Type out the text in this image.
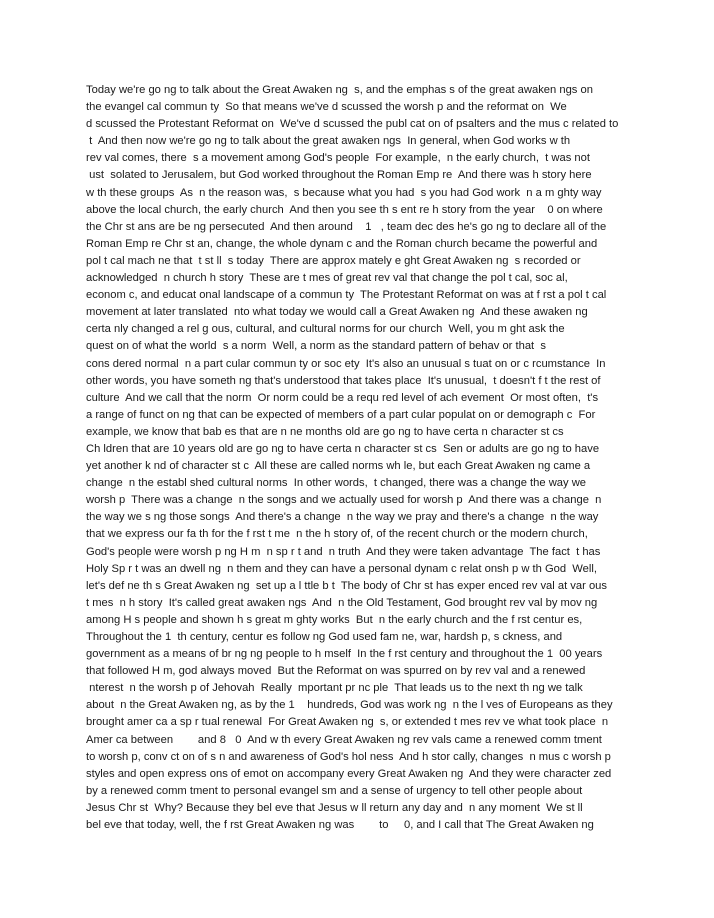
Today we're go ng to talk about the Great Awaken ng  s, and the emphas s of the great awaken ngs on
the evangel cal commun ty  So that means we've d scussed the worsh p and the reformat on  We
d scussed the Protestant Reformat on  We've d scussed the publ cat on of psalters and the mus c related to
t  And then now we're go ng to talk about the great awaken ngs  In general, when God works w th
rev val comes, there  s a movement among God's people  For example,  n the early church,  t was not
ust  solated to Jerusalem, but God worked throughout the Roman Emp re  And there was h story here
w th these groups  As  n the reason was,  s because what you had  s you had God work  n a m ghty way
above the local church, the early church  And then you see th s ent re h story from the year    0 on where
the Chr st ans are be ng persecuted  And then around    1   , team dec des he's go ng to declare all of the
Roman Emp re Chr st an, change, the whole dynam c and the Roman church became the powerful and
pol t cal mach ne that  t st ll  s today  There are approx mately e ght Great Awaken ng  s recorded or
acknowledged  n church h story  These are t mes of great rev val that change the pol t cal, soc al,
econom c, and educat onal landscape of a commun ty  The Protestant Reformat on was at f rst a pol t cal
movement at later translated  nto what today we would call a Great Awaken ng  And these awaken ng
certa nly changed a rel g ous, cultural, and cultural norms for our church  Well, you m ght ask the
quest on of what the world  s a norm  Well, a norm as the standard pattern of behav or that  s
cons dered normal  n a part cular commun ty or soc ety  It's also an unusual s tuat on or c rcumstance  In
other words, you have someth ng that's understood that takes place  It's unusual,  t doesn't f t the rest of
culture  And we call that the norm  Or norm could be a requ red level of ach evement  Or most often,  t's
a range of funct on ng that can be expected of members of a part cular populat on or demograph c  For
example, we know that bab es that are n ne months old are go ng to have certa n character st cs
Ch ldren that are 10 years old are go ng to have certa n character st cs  Sen or adults are go ng to have
yet another k nd of character st c  All these are called norms wh le, but each Great Awaken ng came a
change  n the establ shed cultural norms  In other words,  t changed, there was a change the way we
worsh p  There was a change  n the songs and we actually used for worsh p  And there was a change  n
the way we s ng those songs  And there's a change  n the way we pray and there's a change  n the way
that we express our fa th for the f rst t me  n the h story of, of the recent church or the modern church,
God's people were worsh p ng H m  n sp r t and  n truth  And they were taken advantage  The fact  t has
Holy Sp r t was an dwell ng  n them and they can have a personal dynam c relat onsh p w th God  Well,
let's def ne th s Great Awaken ng  set up a l ttle b t  The body of Chr st has exper enced rev val at var ous
t mes  n h story  It's called great awaken ngs  And  n the Old Testament, God brought rev val by mov ng
among H s people and shown h s great m ghty works  But  n the early church and the f rst centur es,
Throughout the 1  th century, centur es follow ng God used fam ne, war, hardsh p, s ckness, and
government as a means of br ng ng people to h mself  In the f rst century and throughout the 1  00 years
that followed H m, god always moved  But the Reformat on was spurred on by rev val and a renewed
nterest  n the worsh p of Jehovah  Really  mportant pr nc ple  That leads us to the next th ng we talk
about  n the Great Awaken ng, as by the 1    hundreds, God was work ng  n the l ves of Europeans as they
brought amer ca a sp r tual renewal  For Great Awaken ng  s, or extended t mes rev ve what took place  n
Amer ca between        and 8   0  And w th every Great Awaken ng rev vals came a renewed comm tment
to worsh p, conv ct on of s n and awareness of God's hol ness  And h stor cally, changes  n mus c worsh p
styles and open express ons of emot on accompany every Great Awaken ng  And they were character zed
by a renewed comm tment to personal evangel sm and a sense of urgency to tell other people about
Jesus Chr st  Why? Because they bel eve that Jesus w ll return any day and  n any moment  We st ll
bel eve that today, well, the f rst Great Awaken ng was        to     0, and I call that The Great Awaken ng
